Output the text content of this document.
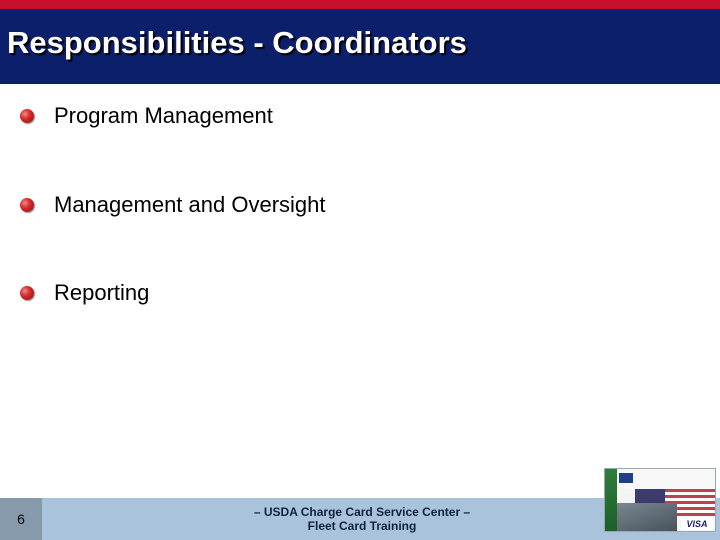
Responsibilities - Coordinators
Program Management
Management and Oversight
Reporting
6	– USDA Charge Card Service Center –
Fleet Card Training	VISA
